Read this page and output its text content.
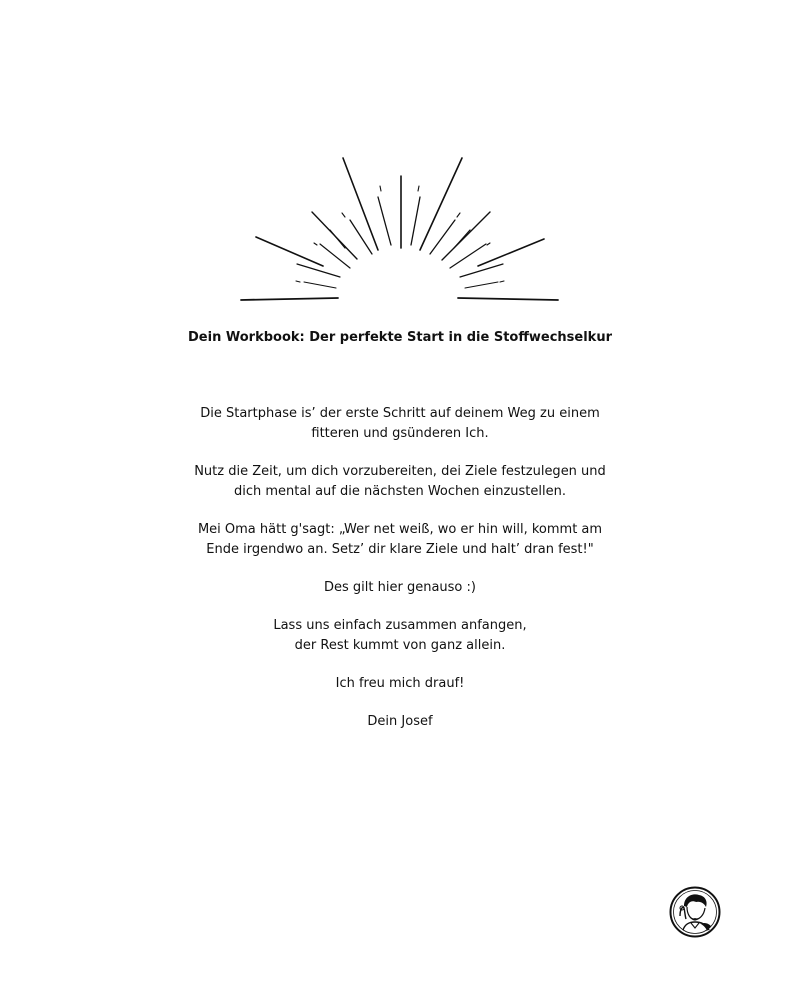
Dein Workbook: Der perfekte Start in die Stoffwechselkur

Die Startphase is’ der erste Schritt auf deinem Weg zu einem
fitteren und gsünderen Ich.

Nutz die Zeit, um dich vorzubereiten, dei Ziele festzulegen und
dich mental auf die nächsten Wochen einzustellen.

Mei Oma hätt g'sagt: „Wer net weiß, wo er hin will, kommt am
Ende irgendwo an. Setz’ dir klare Ziele und halt’ dran fest!"

Des gilt hier genauso :)

Lass uns einfach zusammen anfangen,
der Rest kummt von ganz allein.

Ich freu mich drauf!

Dein Josef
